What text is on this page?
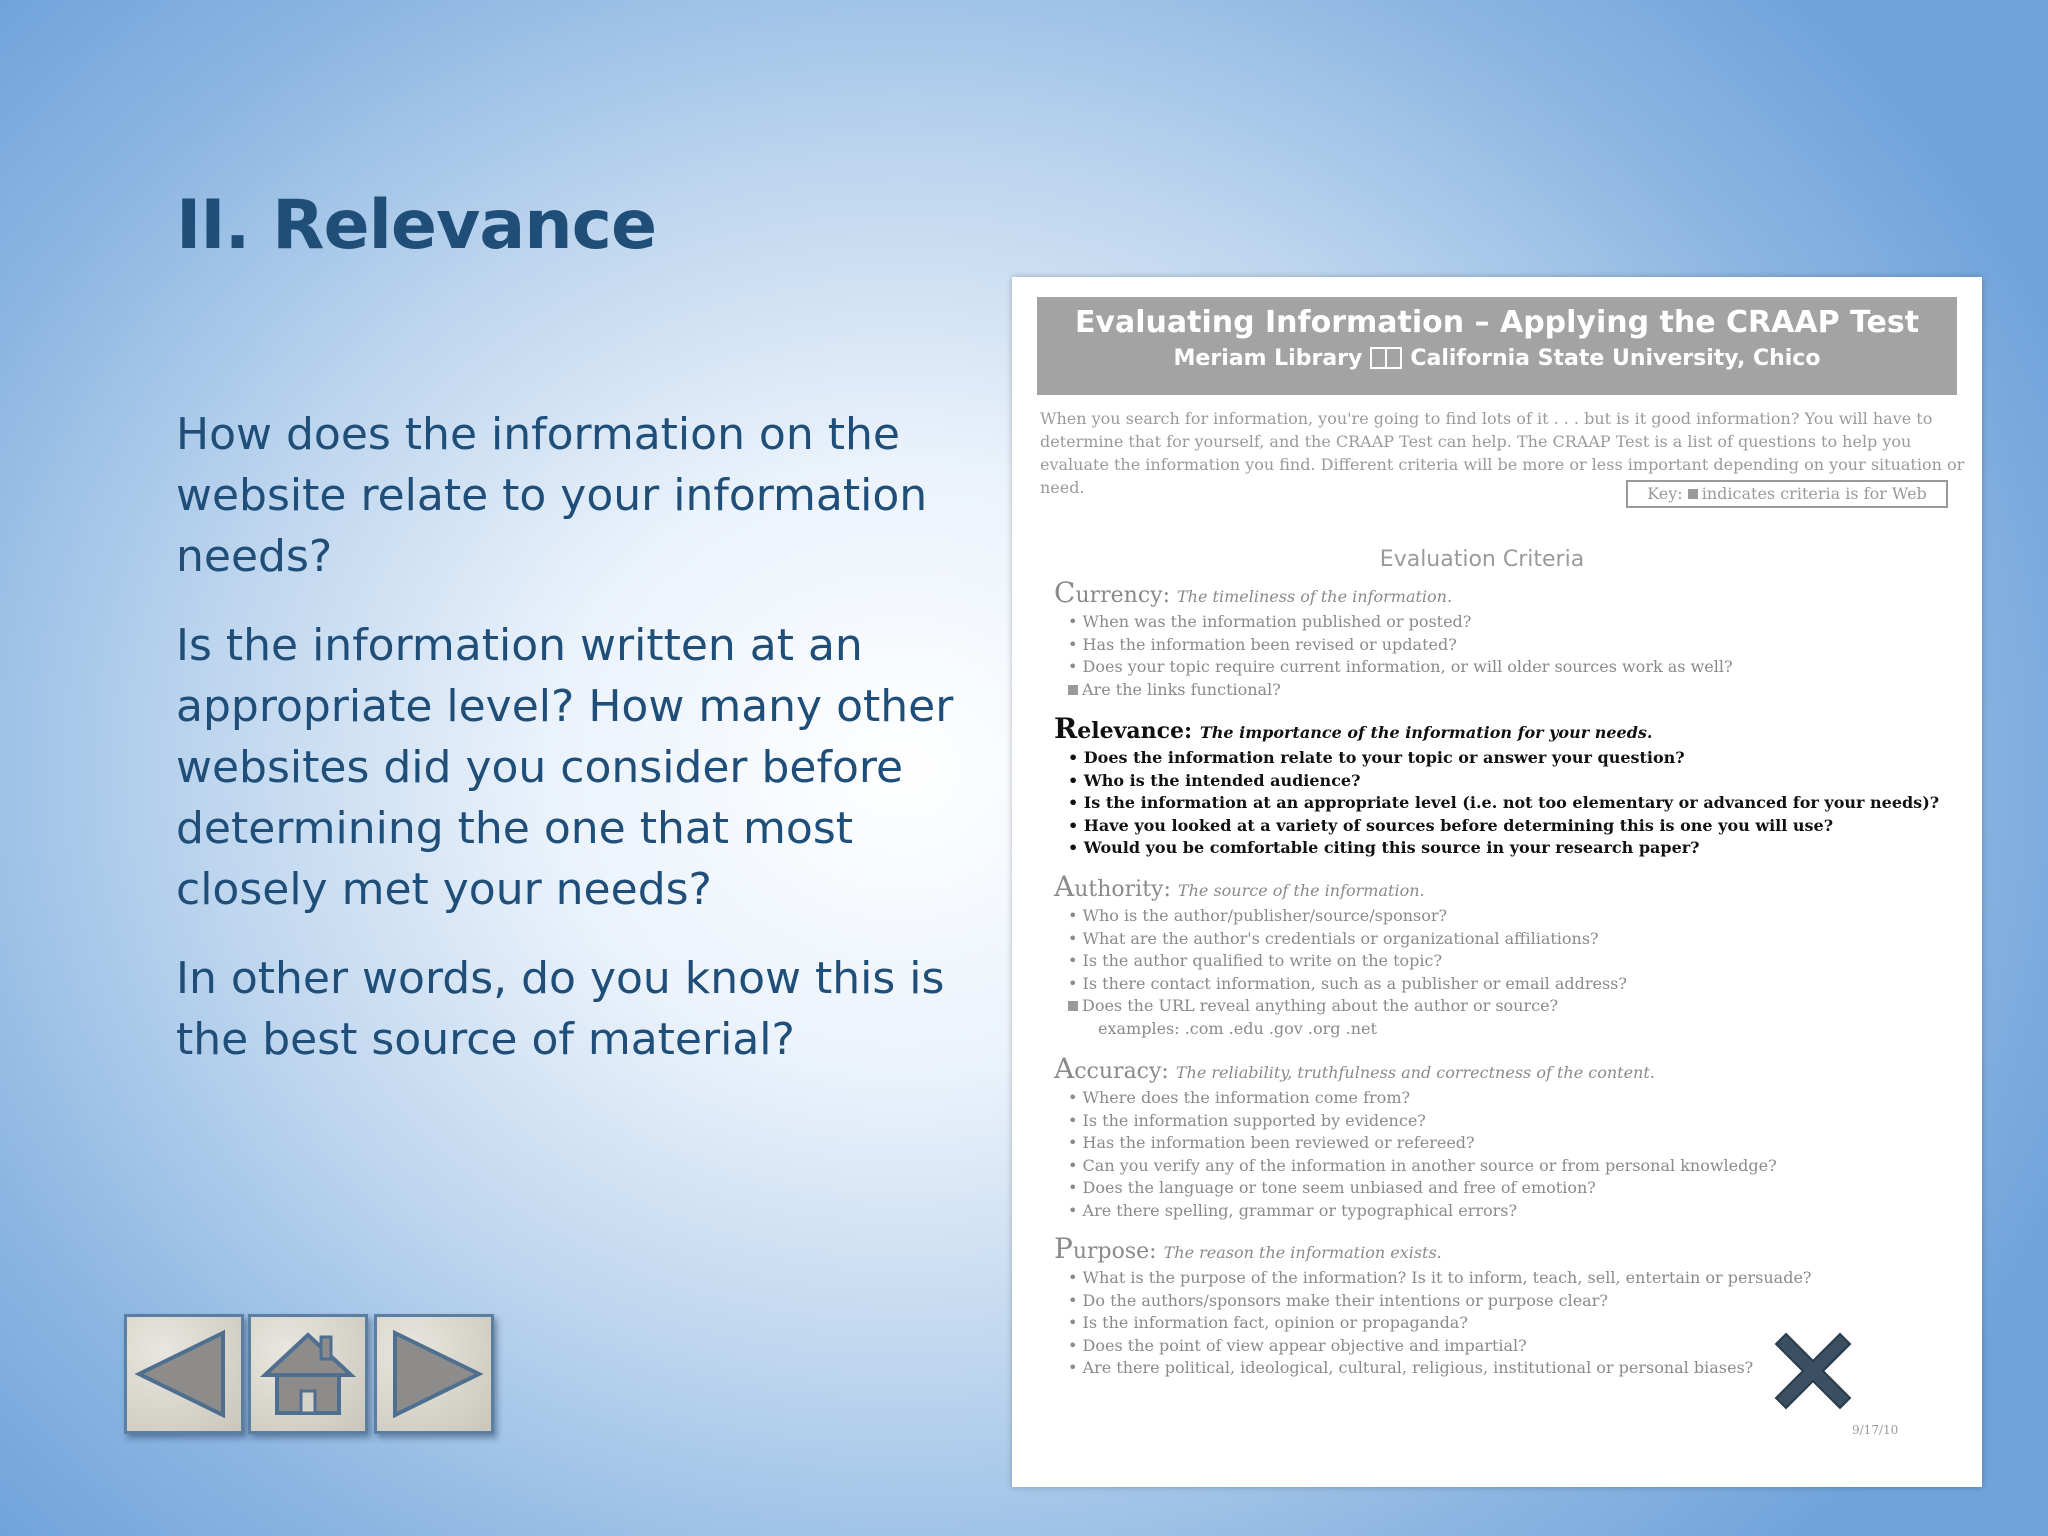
II. Relevance

How does the information on the website relate to your information needs?

Is the information written at an appropriate level? How many other websites did you consider before determining the one that most closely met your needs?

In other words, do you know this is the best source of material?

Evaluating Information – Applying the CRAAP Test
Meriam Library California State University, Chico
When you search for information, you're going to find lots of it . . . but is it good information? You will have to determine that for yourself, and the CRAAP Test can help. The CRAAP Test is a list of questions to help you evaluate the information you find. Different criteria will be more or less important depending on your situation or need.	Key: indicates criteria is for Web
Evaluation Criteria
Currency: The timeliness of the information.
• When was the information published or posted?
• Has the information been revised or updated?
• Does your topic require current information, or will older sources work as well?
Are the links functional?
Relevance: The importance of the information for your needs.
• Does the information relate to your topic or answer your question?
• Who is the intended audience?
• Is the information at an appropriate level (i.e. not too elementary or advanced for your needs)?
• Have you looked at a variety of sources before determining this is one you will use?
• Would you be comfortable citing this source in your research paper?
Authority: The source of the information.
• Who is the author/publisher/source/sponsor?
• What are the author's credentials or organizational affiliations?
• Is the author qualified to write on the topic?
• Is there contact information, such as a publisher or email address?
Does the URL reveal anything about the author or source?
examples: .com .edu .gov .org .net
Accuracy: The reliability, truthfulness and correctness of the content.
• Where does the information come from?
• Is the information supported by evidence?
• Has the information been reviewed or refereed?
• Can you verify any of the information in another source or from personal knowledge?
• Does the language or tone seem unbiased and free of emotion?
• Are there spelling, grammar or typographical errors?
Purpose: The reason the information exists.
• What is the purpose of the information? Is it to inform, teach, sell, entertain or persuade?
• Do the authors/sponsors make their intentions or purpose clear?
• Is the information fact, opinion or propaganda?
• Does the point of view appear objective and impartial?
• Are there political, ideological, cultural, religious, institutional or personal biases?
9/17/10
